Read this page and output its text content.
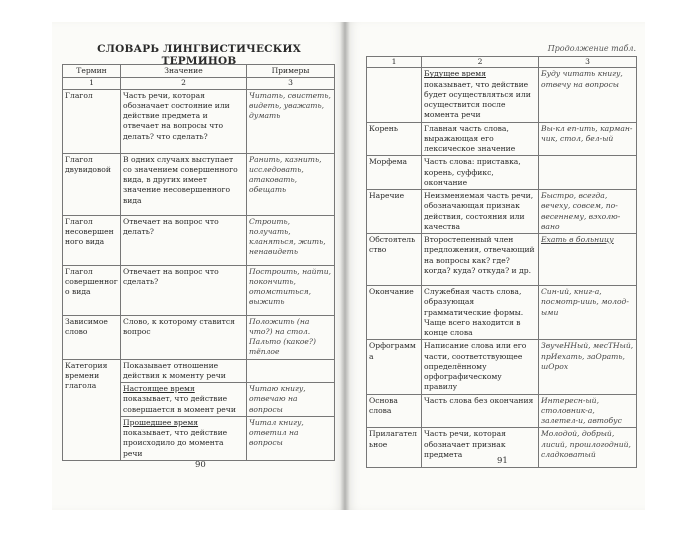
СЛОВАРЬ ЛИНГВИСТИЧЕСКИХ ТЕРМИНОВ
Термин	Значение	Примеры
1	2	3
Глагол	Часть речи, которая обозначает состояние или действие предмета и отвечает на вопросы что делать? что сделать?	Читать, свистеть, видеть, уважать, думать
Глагол двувидовой	В одних случаях выступает со значением совершенного вида, в других имеет значение несовершенного вида	Ранить, казнить, исследовать, атаковать, обещать
Глагол несовершенного вида	Отвечает на вопрос что делать?	Строить, получать, кланяться, жить, ненавидеть
Глагол совершенного вида	Отвечает на вопрос что сделать?	Построить, найти, покончить, отомститься, выжить
Зависимое слово	Слово, к которому ставится вопрос	Положить (на что?) на стол. Пальто (какое?) тёплое
Категория времени глагола	Показывает отношение действия к моменту речи	
	Настоящее время показывает, что действие совершается в момент речи	Читаю книгу, отвечаю на вопросы
	Прошедшее время показывает, что действие происходило до момента речи	Читал книгу, ответил на вопросы
90
Продолжение табл.
1	2	3
	Будущее время показывает, что действие будет осуществляться или осуществится после момента речи	Буду читать книгу, отвечу на вопросы
Корень	Главная часть слова, выражающая его лексическое значение	Вы-кл еп-ить, карман-чик, стол, бел-ый
Морфема	Часть слова: приставка, корень, суффикс, окончание	
Наречие	Неизменяемая часть речи, обозначающая признак действия, состояния или качества	Быстро, всегда, вечеху, совсем, по-весеннему, вэхолю-вано
Обстоятельство	Второстепенный член предложения, отвечающий на вопросы как? где? когда? куда? откуда? и др.	Ехать в больницу
Окончание	Служебная часть слова, образующая грамматические формы. Чаще всего находится в конце слова	Син-ий, книг-а, посмотр-ишь, молод-ыми
Орфограмма	Написание слова или его части, соответствующее определённому орфографическому правилу	ЗвучеННый, месТНый, прИехать, заОрать, шОрох
Основа слова	Часть слова без окончания	Интересн-ый, столовник-а, залетел-и, автобус
Прилагательное	Часть речи, которая обозначает признак предмета	Молодой, добрый, лисий, прошлогодний, сладковатый
91
